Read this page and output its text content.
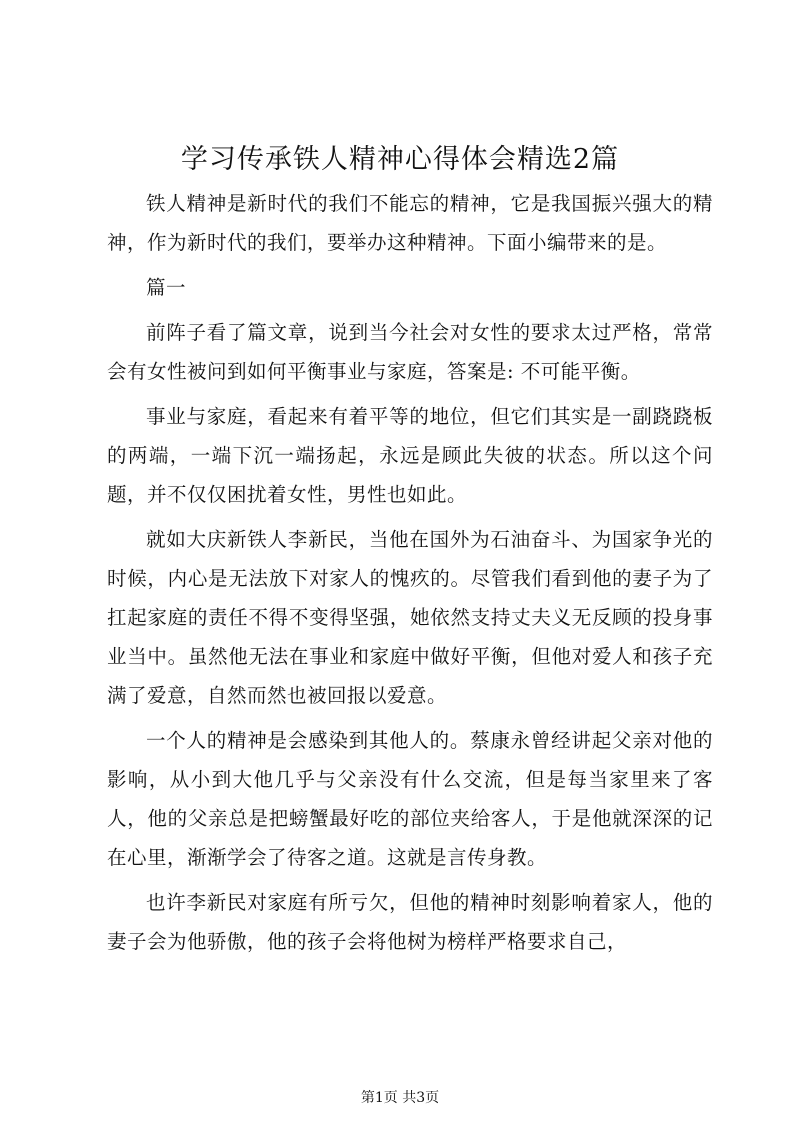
学习传承铁人精神心得体会精选2篇

铁人精神是新时代的我们不能忘的精神，它是我国振兴强大的精神，作为新时代的我们，要举办这种精神。下面小编带来的是。

篇一

前阵子看了篇文章，说到当今社会对女性的要求太过严格，常常会有女性被问到如何平衡事业与家庭，答案是: 不可能平衡。

事业与家庭，看起来有着平等的地位，但它们其实是一副跷跷板的两端，一端下沉一端扬起，永远是顾此失彼的状态。所以这个问题，并不仅仅困扰着女性，男性也如此。

就如大庆新铁人李新民，当他在国外为石油奋斗、为国家争光的时候，内心是无法放下对家人的愧疚的。尽管我们看到他的妻子为了扛起家庭的责任不得不变得坚强，她依然支持丈夫义无反顾的投身事业当中。虽然他无法在事业和家庭中做好平衡，但他对爱人和孩子充满了爱意，自然而然也被回报以爱意。

一个人的精神是会感染到其他人的。蔡康永曾经讲起父亲对他的影响，从小到大他几乎与父亲没有什么交流，但是每当家里来了客人，他的父亲总是把螃蟹最好吃的部位夹给客人，于是他就深深的记在心里，渐渐学会了待客之道。这就是言传身教。

也许李新民对家庭有所亏欠，但他的精神时刻影响着家人，他的妻子会为他骄傲，他的孩子会将他树为榜样严格要求自己，

第1页 共3页
